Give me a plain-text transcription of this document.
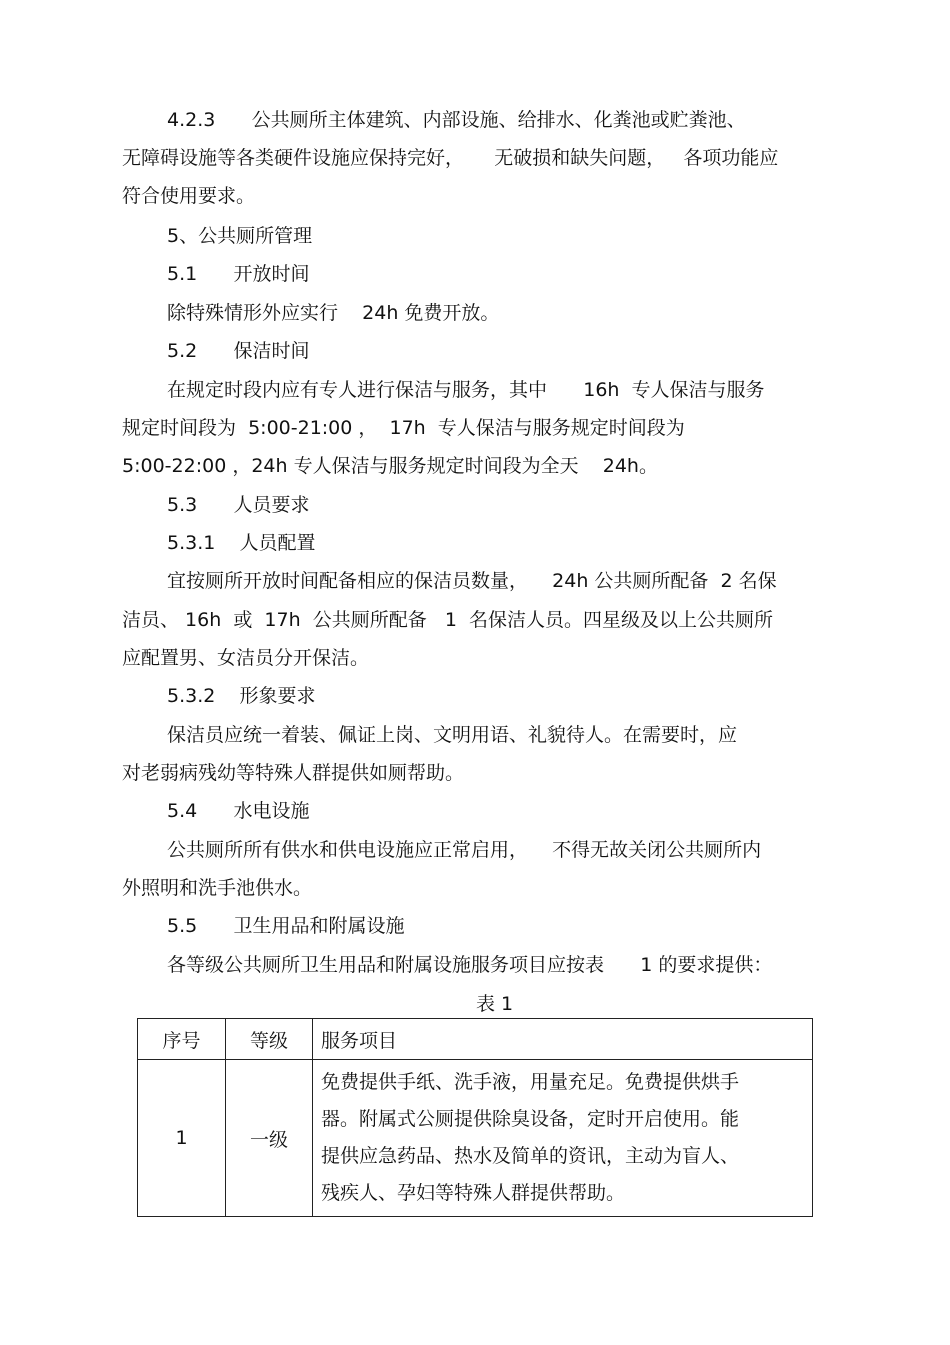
4.2.3      公共厕所主体建筑、内部设施、给排水、化粪池或贮粪池、

无障碍设施等各类硬件设施应保持完好，     无破损和缺失问题，   各项功能应

符合使用要求。

5、公共厕所管理

5.1      开放时间

除特殊情形外应实行    24h 免费开放。

5.2      保洁时间

在规定时段内应有专人进行保洁与服务，其中      16h  专人保洁与服务

规定时间段为  5:00-21:00 ，  17h  专人保洁与服务规定时间段为

5:00-22:00 ，24h 专人保洁与服务规定时间段为全天    24h。

5.3      人员要求

5.3.1    人员配置

宜按厕所开放时间配备相应的保洁员数量，    24h 公共厕所配备  2 名保

洁员、 16h  或  17h  公共厕所配备   1  名保洁人员。四星级及以上公共厕所

应配置男、女洁员分开保洁。

5.3.2    形象要求

保洁员应统一着装、佩证上岗、文明用语、礼貌待人。在需要时，应

对老弱病残幼等特殊人群提供如厕帮助。

5.4      水电设施

公共厕所所有供水和供电设施应正常启用，    不得无故关闭公共厕所内

外照明和洗手池供水。

5.5      卫生用品和附属设施

各等级公共厕所卫生用品和附属设施服务项目应按表      1 的要求提供：

表 1

序号	等级	服务项目
1	一级	免费提供手纸、洗手液，用量充足。免费提供烘手
器。附属式公厕提供除臭设备，定时开启使用。能
提供应急药品、热水及简单的资讯，主动为盲人、
残疾人、孕妇等特殊人群提供帮助。
